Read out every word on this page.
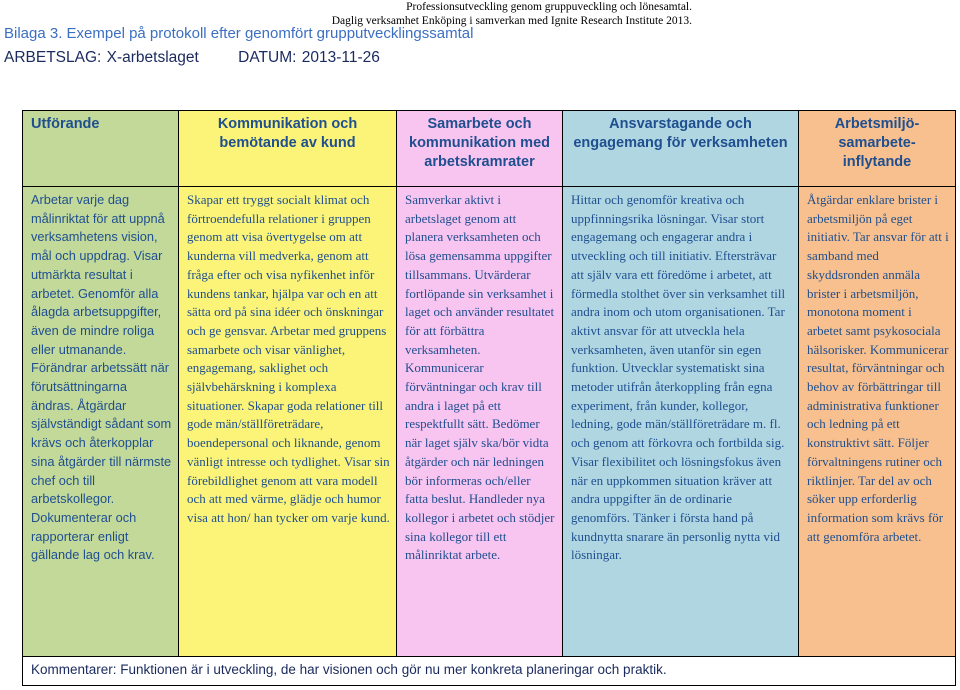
Professionsutveckling genom gruppuveckling och lönesamtal.
Daglig verksamhet Enköping i samverkan med Ignite Research Institute 2013.
Bilaga 3. Exempel på protokoll efter genomfört grupputvecklingssamtal
ARBETSLAG: X-arbetslaget	DATUM: 2013-11-26
Utförande

Arbetar varje dag målinriktat för att uppnå verksamhetens vision, mål och uppdrag. Visar utmärkta resultat i arbetet. Genomför alla ålagda arbetsuppgifter, även de mindre roliga eller utmanande. Förändrar arbetssätt när förutsättningarna ändras. Åtgärdar självständigt sådant som krävs och återkopplar sina åtgärder till närmste chef och till arbetskollegor. Dokumenterar och rapporterar enligt gällande lag och krav.

Kommunikation och bemötande av kund

Skapar ett tryggt socialt klimat och förtroendefulla relationer i gruppen genom att visa övertygelse om att kunderna vill medverka, genom att fråga efter och visa nyfikenhet inför kundens tankar, hjälpa var och en att sätta ord på sina idéer och önskningar och ge gensvar. Arbetar med gruppens samarbete och visar vänlighet, engagemang, saklighet och självbehärskning i komplexa situationer. Skapar goda relationer till gode män/ställföreträdare, boendepersonal och liknande, genom vänligt intresse och tydlighet. Visar sin förebildlighet genom att vara modell och att med värme, glädje och humor visa att hon/ han tycker om varje kund.

Samarbete och kommunikation med arbetskramrater

Samverkar aktivt i arbetslaget genom att planera verksamheten och lösa gemensamma uppgifter tillsammans. Utvärderar fortlöpande sin verksamhet i laget och använder resultatet för att förbättra verksamheten. Kommunicerar förväntningar och krav till andra i laget på ett respektfullt sätt. Bedömer när laget själv ska/bör vidta åtgärder och när ledningen bör informeras och/eller fatta beslut. Handleder nya kollegor i arbetet och stödjer sina kollegor till ett målinriktat arbete.

Ansvarstagande och engagemang för verksamheten

Hittar och genomför kreativa och uppfinningsrika lösningar. Visar stort engagemang och engagerar andra i utveckling och till initiativ. Eftersträvar att själv vara ett föredöme i arbetet, att förmedla stolthet över sin verksamhet till andra inom och utom organisationen. Tar aktivt ansvar för att utveckla hela verksamheten, även utanför sin egen funktion. Utvecklar systematiskt sina metoder utifrån återkoppling från egna experiment, från kunder, kollegor, ledning, gode män/ställföreträdare m. fl. och genom att förkovra och fortbilda sig. Visar flexibilitet och lösningsfokus även när en uppkommen situation kräver att andra uppgifter än de ordinarie genomförs. Tänker i första hand på kundnytta snarare än personlig nytta vid lösningar.

Arbetsmiljö-samarbete-inflytande

Åtgärdar enklare brister i arbetsmiljön på eget initiativ. Tar ansvar för att i samband med skyddsronden anmäla brister i arbetsmiljön, monotona moment i arbetet samt psykosociala hälsorisker. Kommunicerar resultat, förväntningar och behov av förbättringar till administrativa funktioner och ledning på ett konstruktivt sätt. Följer förvaltningens rutiner och riktlinjer. Tar del av och söker upp erforderlig information som krävs för att genomföra arbetet.

Kommentarer: Funktionen är i utveckling, de har visionen och gör nu mer konkreta planeringar och praktik.
